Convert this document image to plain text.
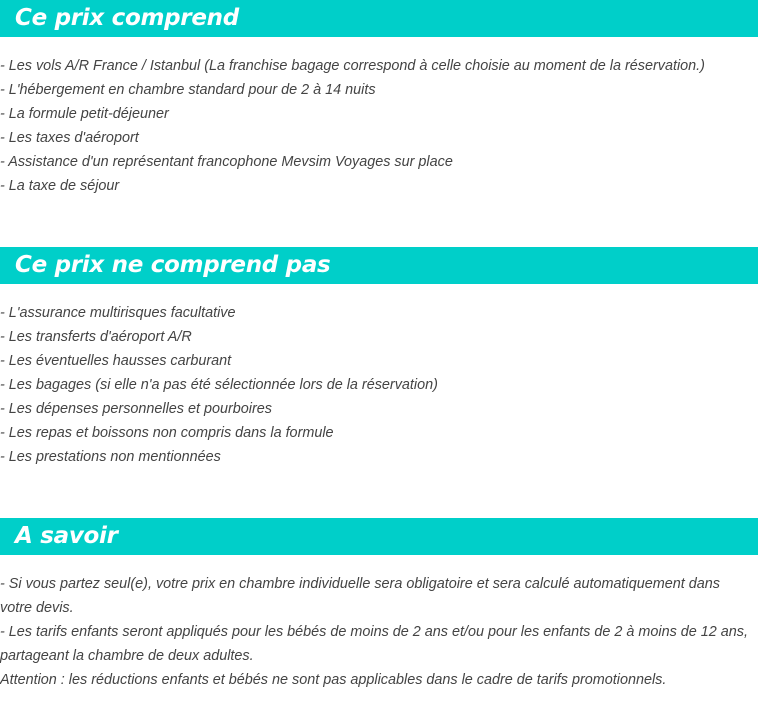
Ce prix comprend
- Les vols A/R France / Istanbul (La franchise bagage correspond à celle choisie au moment de la réservation.)
- L'hébergement en chambre standard pour de 2 à 14 nuits
- La formule petit-déjeuner
- Les taxes d'aéroport
- Assistance d'un représentant francophone Mevsim Voyages sur place
- La taxe de séjour
Ce prix ne comprend pas
- L'assurance multirisques facultative
- Les transferts d'aéroport A/R
- Les éventuelles hausses carburant
- Les bagages (si elle n'a pas été sélectionnée lors de la réservation)
- Les dépenses personnelles et pourboires
- Les repas et boissons non compris dans la formule
- Les prestations non mentionnées
A savoir
- Si vous partez seul(e), votre prix en chambre individuelle sera obligatoire et sera calculé automatiquement dans votre devis.
- Les tarifs enfants seront appliqués pour les bébés de moins de 2 ans et/ou pour les enfants de 2 à moins de 12 ans, partageant la chambre de deux adultes.
Attention : les réductions enfants et bébés ne sont pas applicables dans le cadre de tarifs promotionnels.
